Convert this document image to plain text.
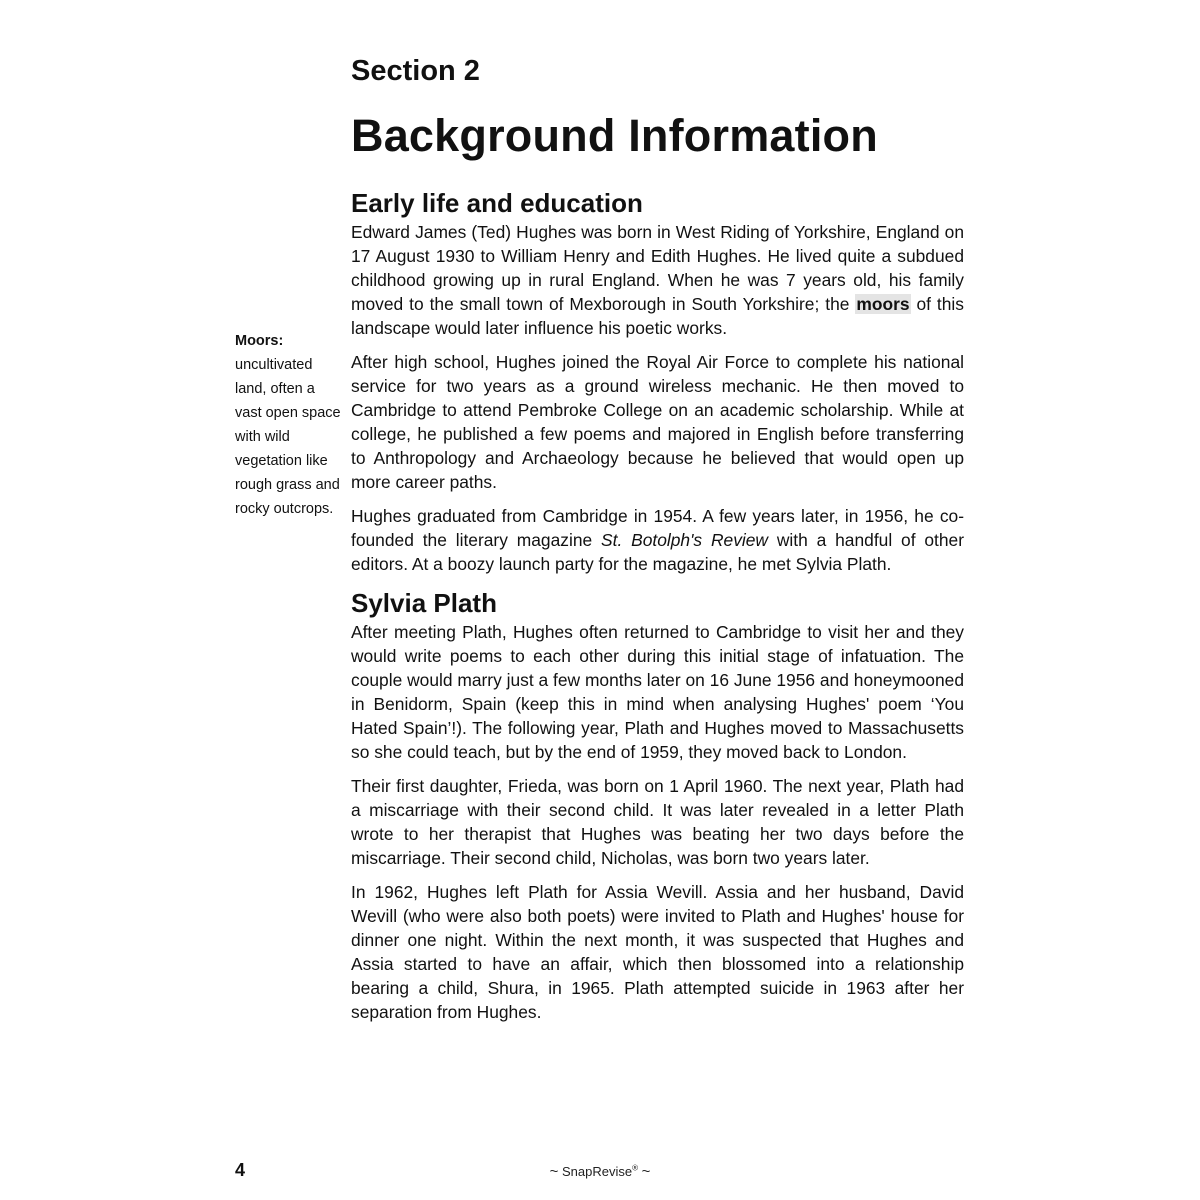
Section 2
Background Information
Early life and education

Edward James (Ted) Hughes was born in West Riding of Yorkshire, England on 17 August 1930 to William Henry and Edith Hughes. He lived quite a subdued childhood growing up in rural England. When he was 7 years old, his family moved to the small town of Mexborough in South Yorkshire; the moors of this landscape would later influence his poetic works.

After high school, Hughes joined the Royal Air Force to complete his national service for two years as a ground wireless mechanic. He then moved to Cambridge to attend Pembroke College on an academic scholarship. While at college, he published a few poems and majored in English before transferring to Anthropology and Archaeology because he believed that would open up more career paths.

Hughes graduated from Cambridge in 1954. A few years later, in 1956, he co-founded the literary magazine St. Botolph's Review with a handful of other editors. At a boozy launch party for the magazine, he met Sylvia Plath.

Sylvia Plath

After meeting Plath, Hughes often returned to Cambridge to visit her and they would write poems to each other during this initial stage of infatuation. The couple would marry just a few months later on 16 June 1956 and honeymooned in Benidorm, Spain (keep this in mind when analysing Hughes' poem ‘You Hated Spain’!). The following year, Plath and Hughes moved to Massachusetts so she could teach, but by the end of 1959, they moved back to London.

Their first daughter, Frieda, was born on 1 April 1960. The next year, Plath had a miscarriage with their second child. It was later revealed in a letter Plath wrote to her therapist that Hughes was beating her two days before the miscarriage. Their second child, Nicholas, was born two years later.

In 1962, Hughes left Plath for Assia Wevill. Assia and her husband, David Wevill (who were also both poets) were invited to Plath and Hughes' house for dinner one night. Within the next month, it was suspected that Hughes and Assia started to have an affair, which then blossomed into a relationship bearing a child, Shura, in 1965. Plath attempted suicide in 1963 after her separation from Hughes.

Moors:
uncultivated land, often a vast open space with wild vegetation like rough grass and rocky outcrops.
4	~ SnapRevise® ~
